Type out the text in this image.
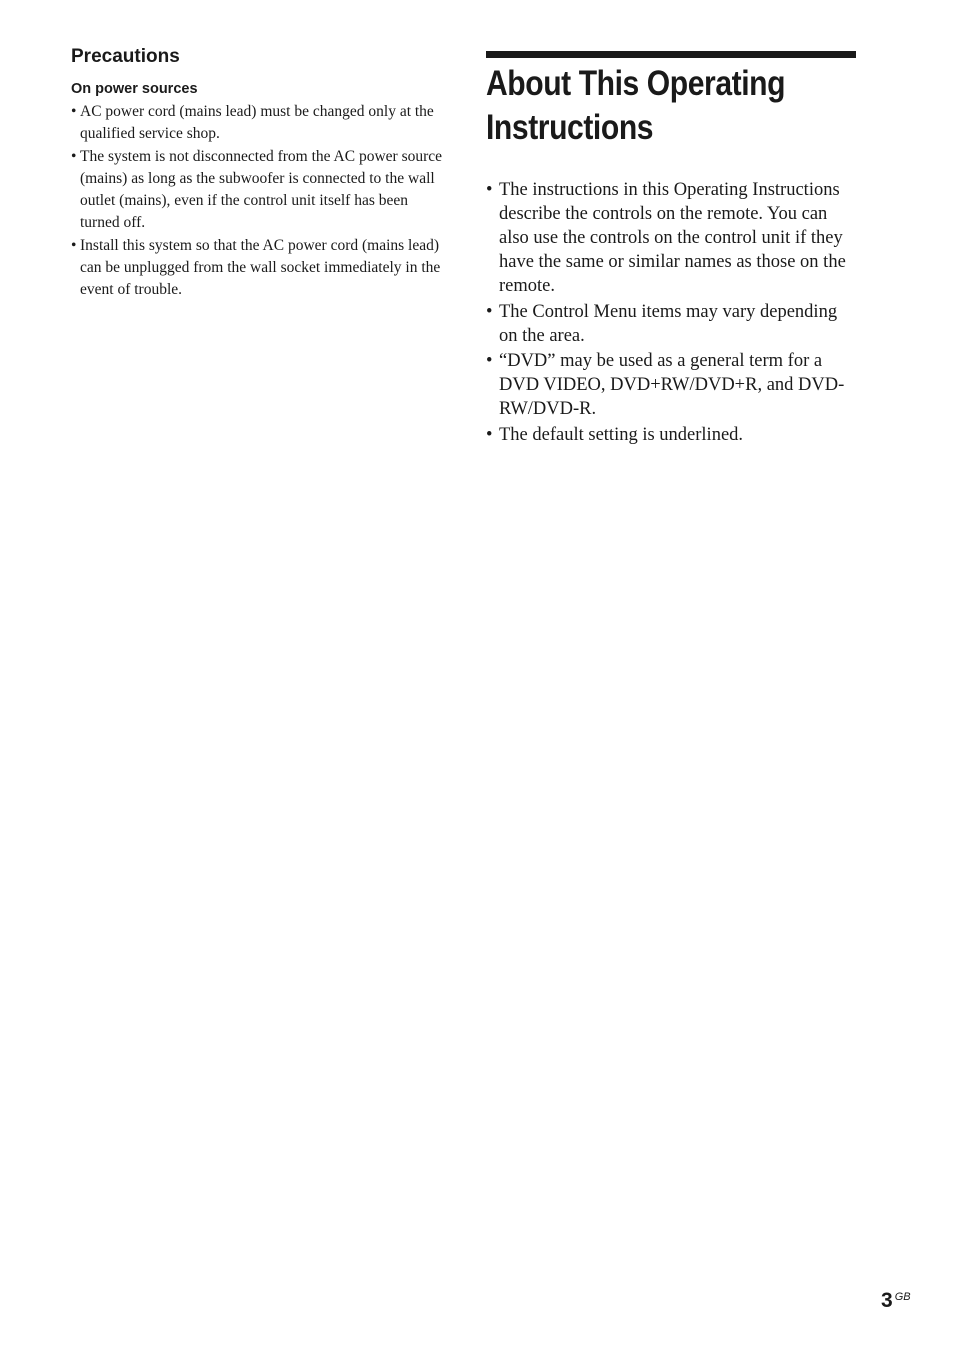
Precautions
On power sources
• AC power cord (mains lead) must be changed only at the qualified service shop.
• The system is not disconnected from the AC power source (mains) as long as the subwoofer is connected to the wall outlet (mains), even if the control unit itself has been turned off.
• Install this system so that the AC power cord (mains lead) can be unplugged from the wall socket immediately in the event of trouble.
About This Operating
Instructions
• The instructions in this Operating Instructions describe the controls on the remote. You can also use the controls on the control unit if they have the same or similar names as those on the remote.
• The Control Menu items may vary depending on the area.
• “DVD” may be used as a general term for a DVD VIDEO, DVD+RW/DVD+R, and DVD-RW/DVD-R.
• The default setting is underlined.
3 $^{GB}$
